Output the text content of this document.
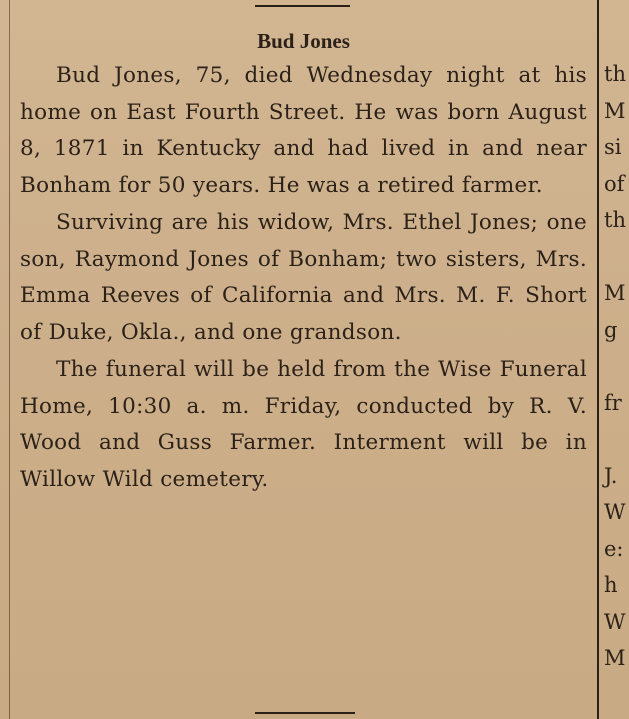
Bud Jones

Bud Jones, 75, died Wednesday night at his home on East Fourth Street. He was born August 8, 1871 in Kentucky and had lived in and near Bonham for 50 years. He was a retired farmer.

Surviving are his widow, Mrs. Ethel Jones; one son, Raymond Jones of Bonham; two sisters, Mrs. Emma Reeves of California and Mrs. M. F. Short of Duke, Okla., and one grandson.

The funeral will be held from the Wise Funeral Home, 10:30 a. m. Friday, conducted by R. V. Wood and Guss Farmer. Interment will be in Willow Wild cemetery.

th
M
si
of
th
M
g
fr
J.
W
e:
h
W
M
